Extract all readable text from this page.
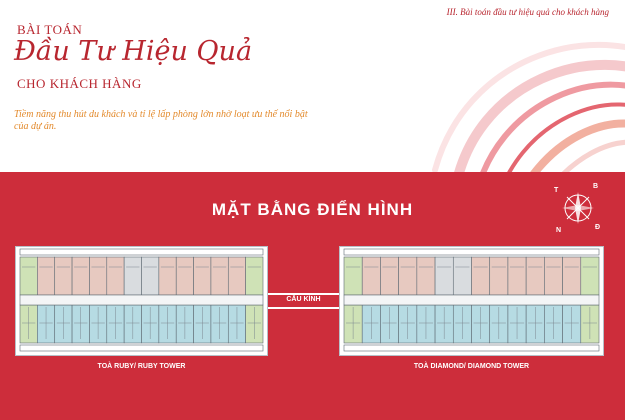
III. Bài toán đầu tư hiệu quả cho khách hàng
BÀI TOÁN
Đầu Tư Hiệu Quả
CHO KHÁCH HÀNG
Tiềm năng thu hút du khách và tỉ lệ lấp phòng lớn nhờ loạt ưu thế nổi bật của dự án.
MẶT BẰNG ĐIỂN HÌNH
T
B
N	Đ
CẦU KÍNH
TOÀ RUBY/ RUBY TOWER	TOÀ DIAMOND/ DIAMOND TOWER
